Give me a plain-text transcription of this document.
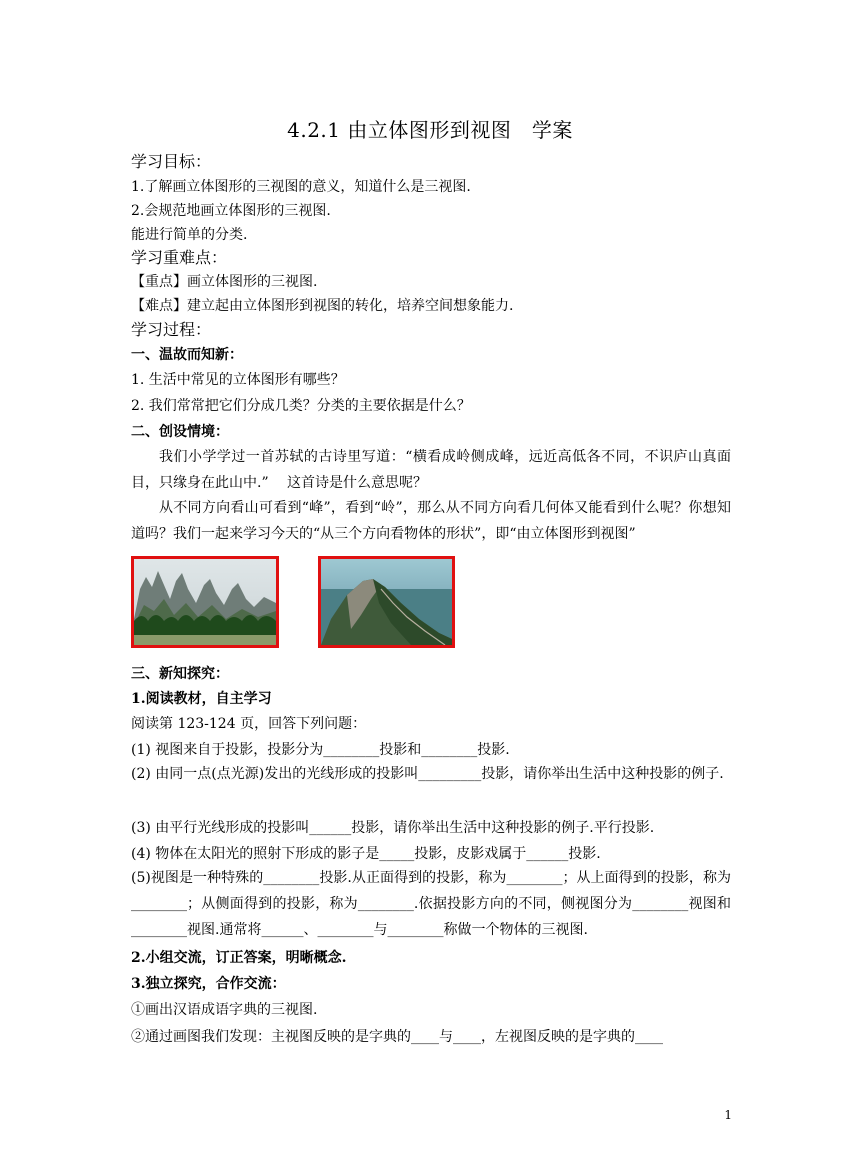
4.2.1 由立体图形到视图　学案
学习目标：
1.了解画立体图形的三视图的意义，知道什么是三视图.
2.会规范地画立体图形的三视图.
能进行简单的分类.
学习重难点：
【重点】画立体图形的三视图.
【难点】建立起由立体图形到视图的转化，培养空间想象能力.
学习过程：
一、温故而知新：
1. 生活中常见的立体图形有哪些？
2. 我们常常把它们分成几类？分类的主要依据是什么？
二、创设情境：
我们小学学过一首苏轼的古诗里写道：“横看成岭侧成峰，远近高低各不同，不识庐山真面目，只缘身在此山中.”　 这首诗是什么意思呢？
从不同方向看山可看到“峰”，看到“岭”，那么从不同方向看几何体又能看到什么呢？你想知道吗？我们一起来学习今天的“从三个方向看物体的形状”，即“由立体图形到视图”
三、新知探究：
1.阅读教材，自主学习
阅读第 123-124 页，回答下列问题：
(1) 视图来自于投影，投影分为________投影和________投影.
(2) 由同一点(点光源)发出的光线形成的投影叫_________投影，请你举出生活中这种投影的例子.
(3) 由平行光线形成的投影叫______投影，请你举出生活中这种投影的例子.平行投影.
(4) 物体在太阳光的照射下形成的影子是_____投影，皮影戏属于______投影.
(5)视图是一种特殊的________投影.从正面得到的投影，称为________；从上面得到的投影，称为________；从侧面得到的投影，称为________.依据投影方向的不同，侧视图分为________视图和________视图.通常将______、________与________称做一个物体的三视图.
2.小组交流，订正答案，明晰概念.
3.独立探究，合作交流：
①画出汉语成语字典的三视图.
②通过画图我们发现：主视图反映的是字典的____与____，左视图反映的是字典的____
1
